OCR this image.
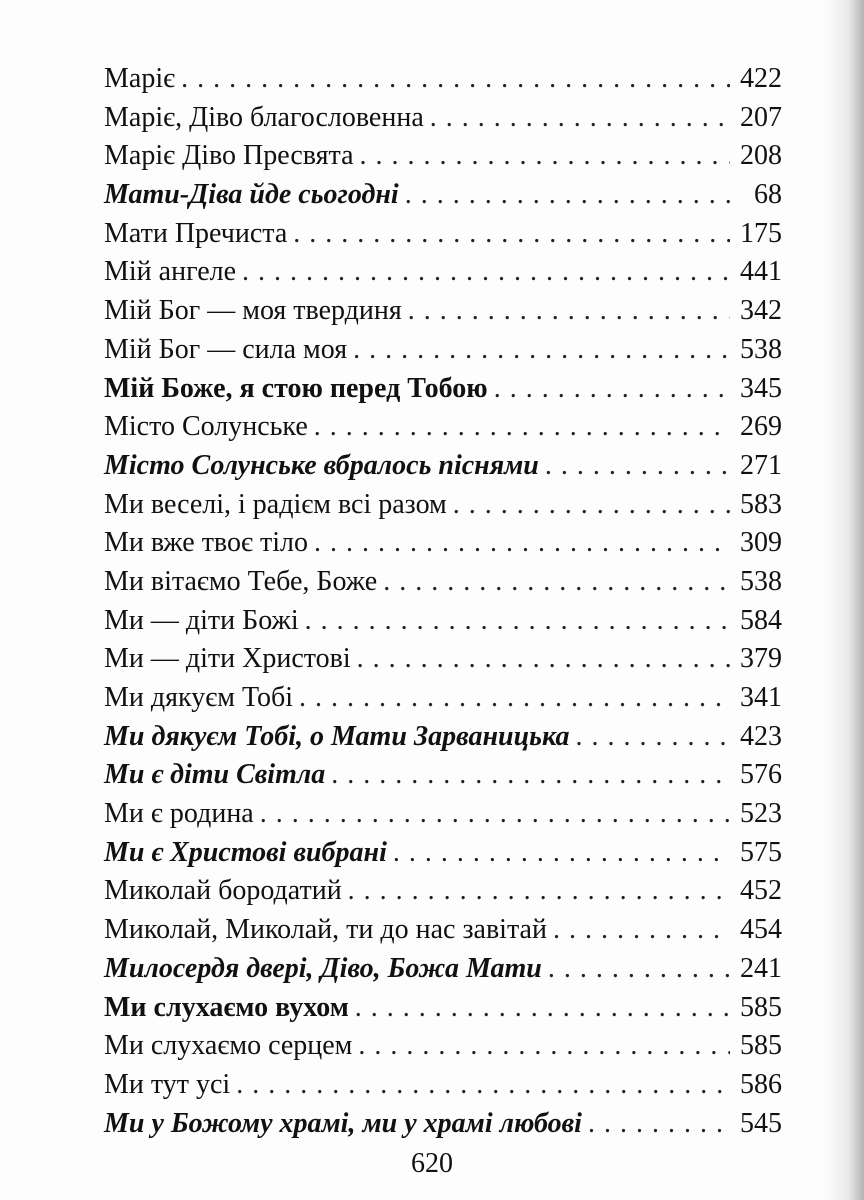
Маріє . . .	422
Маріє, Діво благословенна . . .	207
Маріє Діво Пресвята . . .	208
Мати-Діва йде сьогодні . . .	68
Мати Пречиста . . .	175
Мій ангеле . . .	441
Мій Бог — моя твердиня . . .	342
Мій Бог — сила моя . . .	538
Мій Боже, я стою перед Тобою . . .	345
Місто Солунське . . .	269
Місто Солунське вбралось піснями . . .	271
Ми веселі, і радієм всі разом . . .	583
Ми вже твоє тіло . . .	309
Ми вітаємо Тебе, Боже . . .	538
Ми — діти Божі . . .	584
Ми — діти Христові . . .	379
Ми дякуєм Тобі . . .	341
Ми дякуєм Тобі, о Мати Зарваницька . . .	423
Ми є діти Світла . . .	576
Ми є родина . . .	523
Ми є Христові вибрані . . .	575
Миколай бородатий . . .	452
Миколай, Миколай, ти до нас завітай . . .	454
Милосердя двері, Діво, Божа Мати . . .	241
Ми слухаємо вухом . . .	585
Ми слухаємо серцем . . .	585
Ми тут усі . . .	586
Ми у Божому храмі, ми у храмі любові . . .	545
620
